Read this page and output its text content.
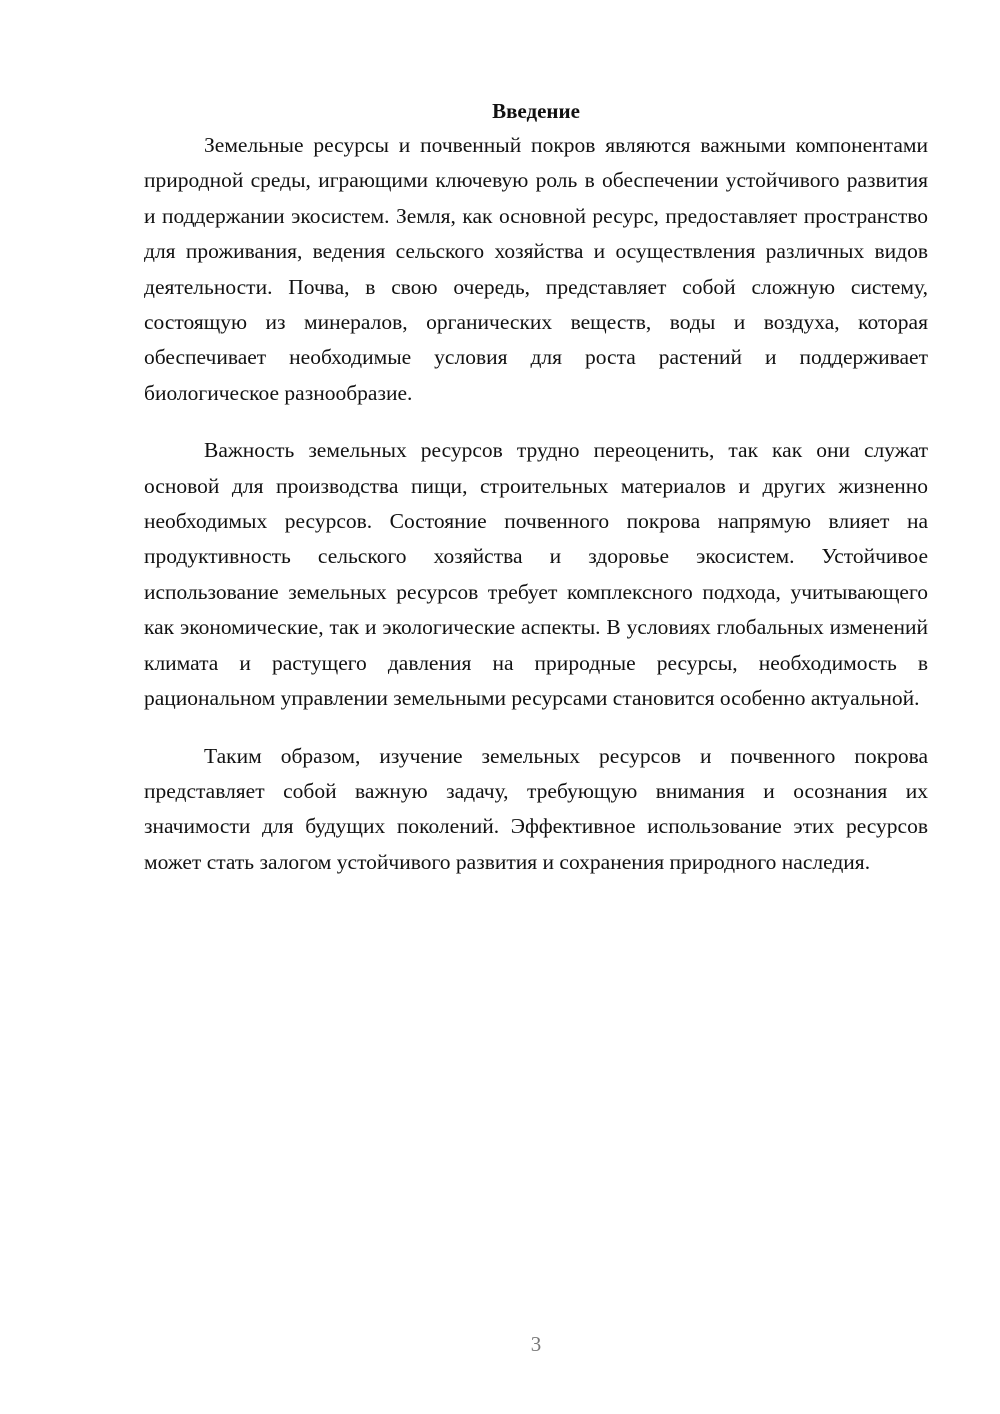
Введение

Земельные ресурсы и почвенный покров являются важными компонентами природной среды, играющими ключевую роль в обеспечении устойчивого развития и поддержании экосистем. Земля, как основной ресурс, предоставляет пространство для проживания, ведения сельского хозяйства и осуществления различных видов деятельности. Почва, в свою очередь, представляет собой сложную систему, состоящую из минералов, органических веществ, воды и воздуха, которая обеспечивает необходимые условия для роста растений и поддерживает биологическое разнообразие.

Важность земельных ресурсов трудно переоценить, так как они служат основой для производства пищи, строительных материалов и других жизненно необходимых ресурсов. Состояние почвенного покрова напрямую влияет на продуктивность сельского хозяйства и здоровье экосистем. Устойчивое использование земельных ресурсов требует комплексного подхода, учитывающего как экономические, так и экологические аспекты. В условиях глобальных изменений климата и растущего давления на природные ресурсы, необходимость в рациональном управлении земельными ресурсами становится особенно актуальной.

Таким образом, изучение земельных ресурсов и почвенного покрова представляет собой важную задачу, требующую внимания и осознания их значимости для будущих поколений. Эффективное использование этих ресурсов может стать залогом устойчивого развития и сохранения природного наследия.

3
